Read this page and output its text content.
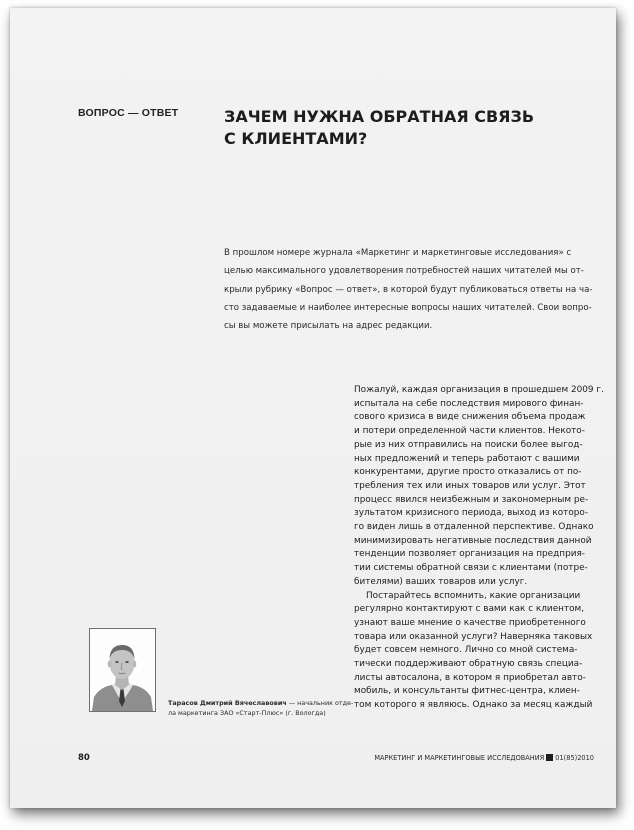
ВОПРОС — ОТВЕТ	ЗАЧЕМ НУЖНА ОБРАТНАЯ СВЯЗЬ
С КЛИЕНТАМИ?
В прошлом номере журнала «Маркетинг и маркетинговые исследования» с
целью максимального удовлетворения потребностей наших читателей мы от-
крыли рубрику «Вопрос — ответ», в которой будут публиковаться ответы на ча-
сто задаваемые и наиболее интересные вопросы наших читателей. Свои вопро-
сы вы можете присылать на адрес редакции.
Пожалуй, каждая организация в прошедшем 2009 г.
испытала на себе последствия мирового финан-
сового кризиса в виде снижения объема продаж
и потери определенной части клиентов. Некото-
рые из них отправились на поиски более выгод-
ных предложений и теперь работают с вашими
конкурентами, другие просто отказались от по-
требления тех или иных товаров или услуг. Этот
процесс явился неизбежным и закономерным ре-
зультатом кризисного периода, выход из которо-
го виден лишь в отдаленной перспективе. Однако
минимизировать негативные последствия данной
тенденции позволяет организация на предприя-
тии системы обратной связи с клиентами (потре-
бителями) ваших товаров или услуг.
Постарайтесь вспомнить, какие организации
регулярно контактируют с вами как с клиентом,
узнают ваше мнение о качестве приобретенного
товара или оказанной услуги? Наверняка таковых
будет совсем немного. Лично со мной система-
тически поддерживают обратную связь специа-
листы автосалона, в котором я приобретал авто-
мобиль, и консультанты фитнес-центра, клиен-
том которого я являюсь. Однако за месяц каждый
Тарасов Дмитрий Вячеславович — начальник отде-
ла маркетинга ЗАО «Старт-Плюс» (г. Вологда)
80	МАРКЕТИНГ И МАРКЕТИНГОВЫЕ ИССЛЕДОВАНИЯ 01(85)2010
